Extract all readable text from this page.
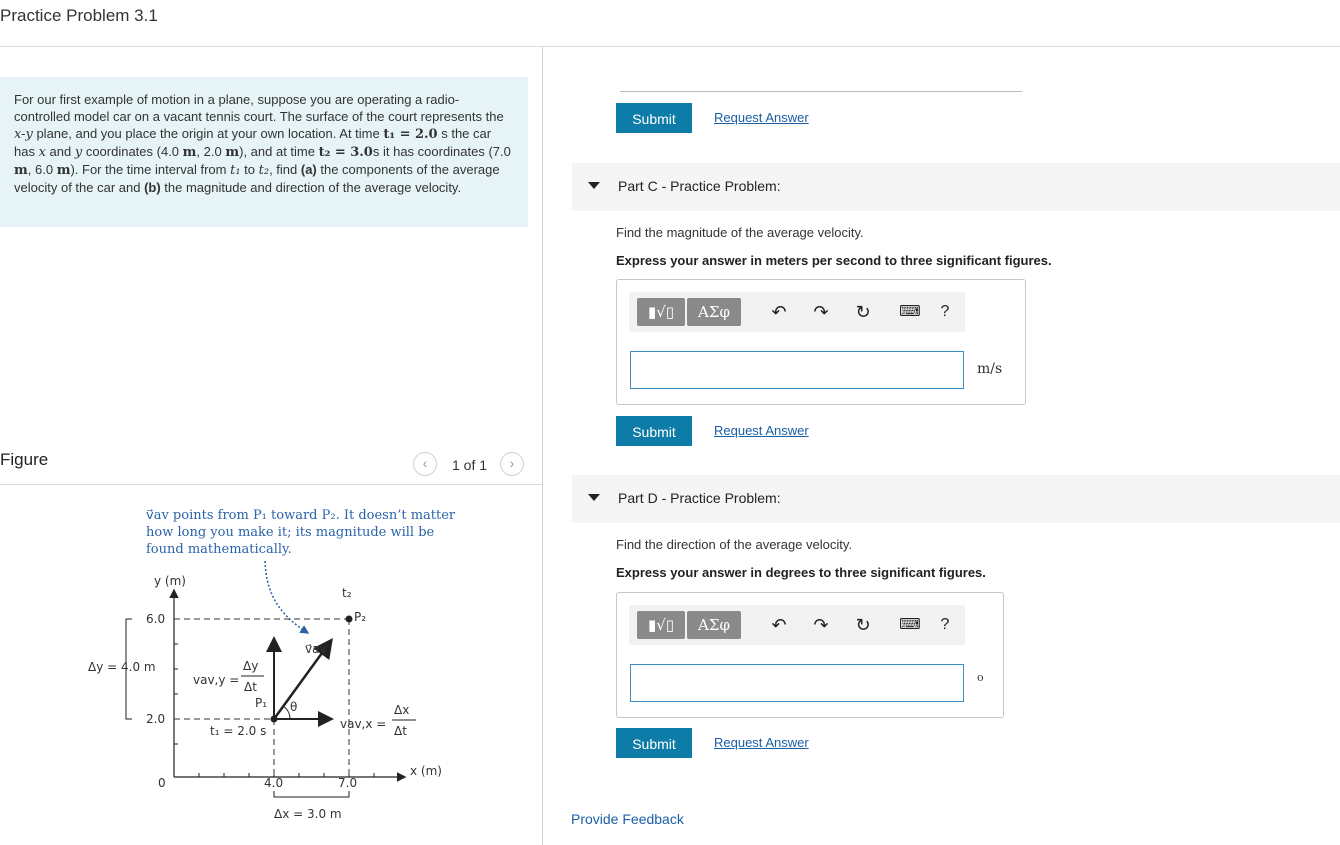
Practice Problem 3.1
For our first example of motion in a plane, suppose you are operating a radio-controlled model car on a vacant tennis court. The surface of the court represents the x-y plane, and you place the origin at your own location. At time t₁ = 2.0 s the car has x and y coordinates (4.0 m, 2.0 m), and at time t₂ = 3.0s it has coordinates (7.0 m, 6.0 m). For the time interval from t₁ to t₂, find (a) the components of the average velocity of the car and (b) the magnitude and direction of the average velocity.
Figure	‹	1 of 1	›
v⃗av points from P₁ toward P₂. It doesn’t matter
how long you make it; its magnitude will be
found mathematically.
y (m)
x (m)
0
6.0
2.0
4.0	7.0
Δy = 4.0 m
Δx = 3.0 m
t₂
P₂
P₁
t₁ = 2.0 s
v⃗av
θ
vav,y =
Δy
Δt
vav,x =
Δx
Δt
Submit	Request Answer
Part C - Practice Problem:
Find the magnitude of the average velocity.
Express your answer in meters per second to three significant figures.
▮√▯	ΑΣφ	↶ ↷ ↻ ⌨	?
m/s
Submit	Request Answer
Part D - Practice Problem:
Find the direction of the average velocity.
Express your answer in degrees to three significant figures.
▮√▯	ΑΣφ	↶ ↷ ↻ ⌨	?
o
Submit	Request Answer
Provide Feedback
